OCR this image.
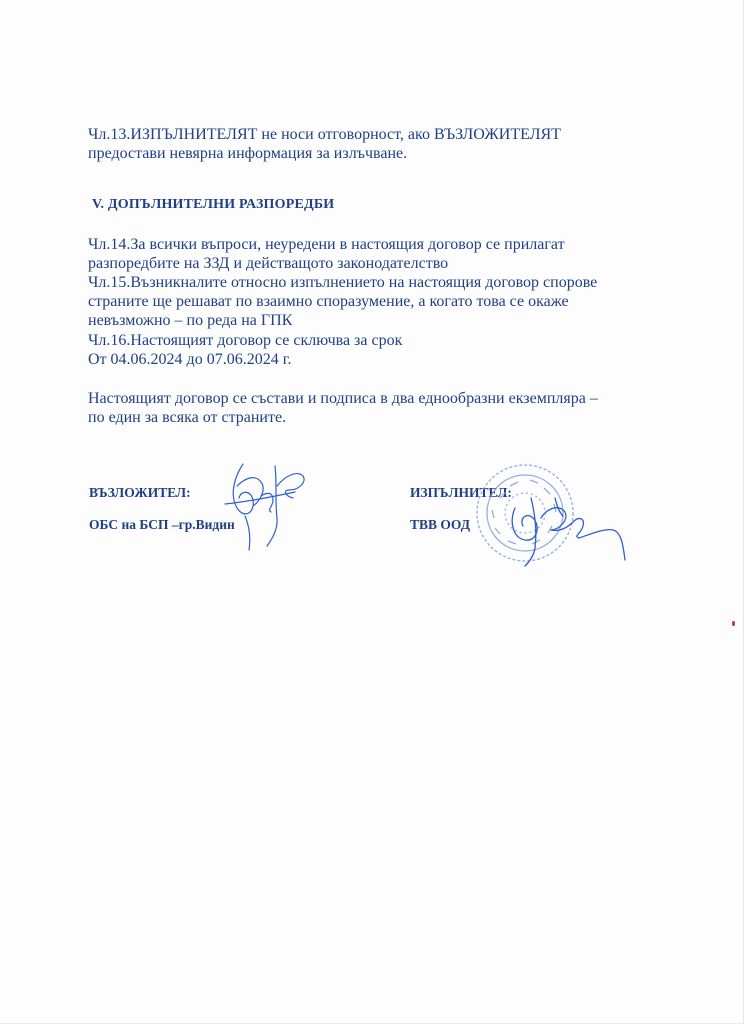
Чл.13.ИЗПЪЛНИТЕЛЯТ не носи отговорност, ако ВЪЗЛОЖИТЕЛЯТ
предостави невярна информация за излъчване.
V. ДОПЪЛНИТЕЛНИ РАЗПОРЕДБИ
Чл.14.За всички въпроси, неуредени в настоящия договор се прилагат
разпоредбите на ЗЗД и действащото законодателство
Чл.15.Възникналите относно изпълнението на настоящия договор спорове
страните ще решават по взаимно споразумение, а когато това се окаже
невъзможно – по реда на ГПК
Чл.16.Настоящият договор се сключва за срок
От 04.06.2024 до 07.06.2024 г.
Настоящият договор се състави и подписа в два еднообразни екземпляра –
по един за всяка от страните.
ВЪЗЛОЖИТЕЛ:
ОБС на БСП –гр.Видин
ИЗПЪЛНИТЕЛ:
ТВВ ООД
